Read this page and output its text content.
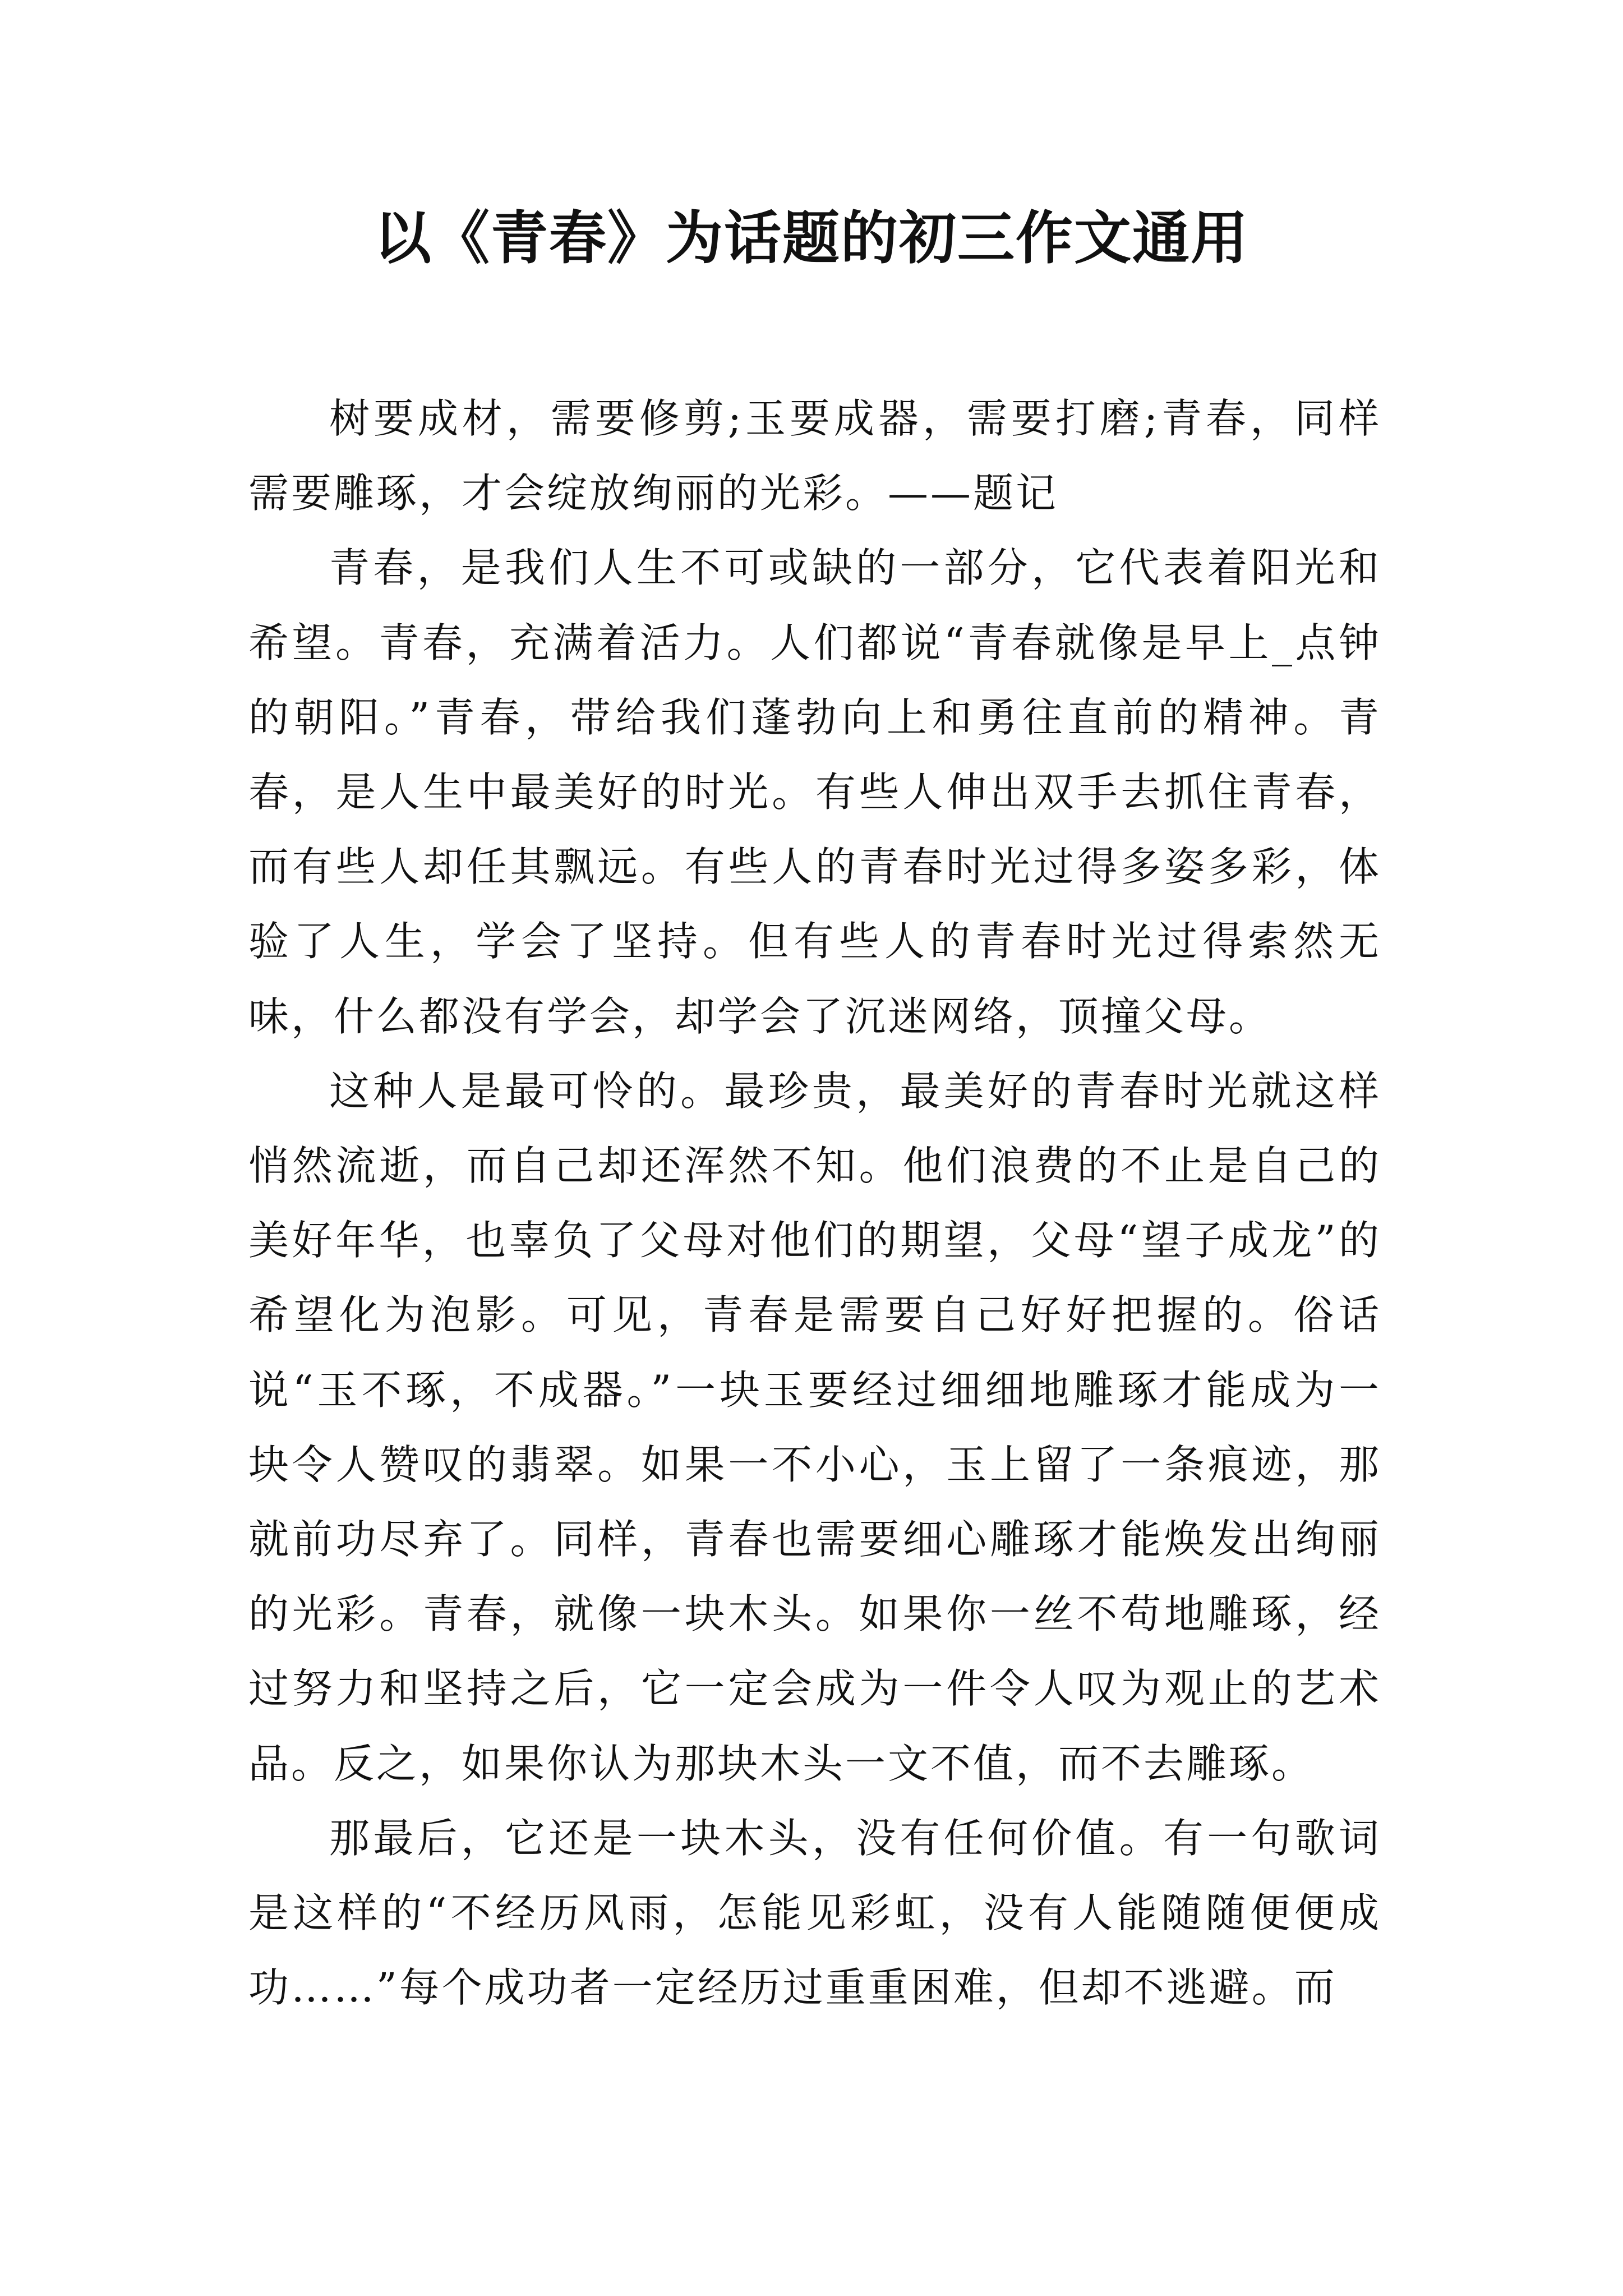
以《青春》为话题的初三作文通用

树要成材，需要修剪;玉要成器，需要打磨;青春，同样需要雕琢，才会绽放绚丽的光彩。——题记

青春，是我们人生不可或缺的一部分，它代表着阳光和希望。青春，充满着活力。人们都说“青春就像是早上_点钟的朝阳。”青春，带给我们蓬勃向上和勇往直前的精神。青春，是人生中最美好的时光。有些人伸出双手去抓住青春，而有些人却任其飘远。有些人的青春时光过得多姿多彩，体验了人生，学会了坚持。但有些人的青春时光过得索然无味，什么都没有学会，却学会了沉迷网络，顶撞父母。

这种人是最可怜的。最珍贵，最美好的青春时光就这样悄然流逝，而自己却还浑然不知。他们浪费的不止是自己的美好年华，也辜负了父母对他们的期望，父母“望子成龙”的希望化为泡影。可见，青春是需要自己好好把握的。俗话说“玉不琢，不成器。”一块玉要经过细细地雕琢才能成为一块令人赞叹的翡翠。如果一不小心，玉上留了一条痕迹，那就前功尽弃了。同样，青春也需要细心雕琢才能焕发出绚丽的光彩。青春，就像一块木头。如果你一丝不苟地雕琢，经过努力和坚持之后，它一定会成为一件令人叹为观止的艺术品。反之，如果你认为那块木头一文不值，而不去雕琢。

那最后，它还是一块木头，没有任何价值。有一句歌词是这样的“不经历风雨，怎能见彩虹，没有人能随随便便成功……”每个成功者一定经历过重重困难，但却不逃避。而
